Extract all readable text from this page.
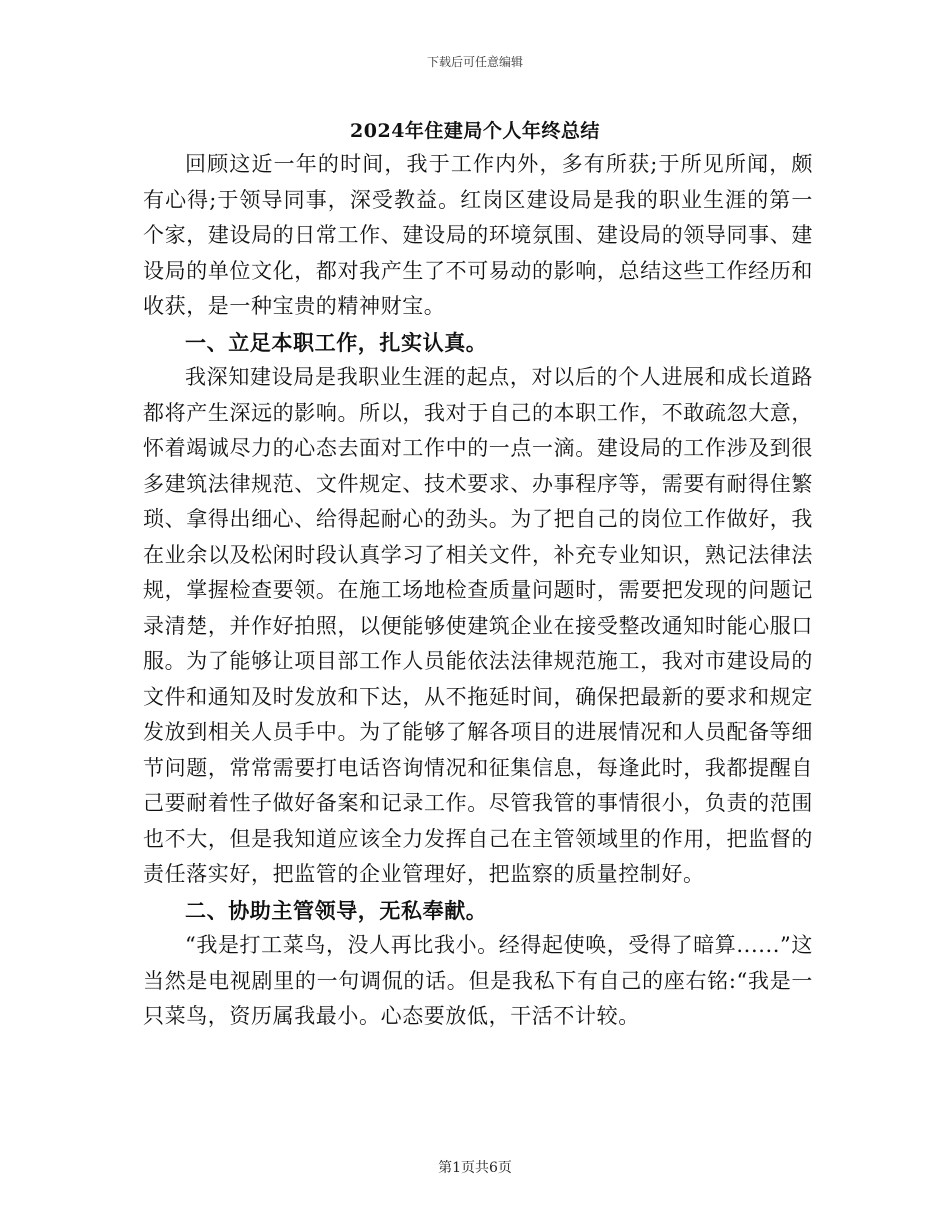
下载后可任意编辑
2024年住建局个人年终总结

回顾这近一年的时间，我于工作内外，多有所获;于所见所闻，颇有心得;于领导同事，深受教益。红岗区建设局是我的职业生涯的第一个家，建设局的日常工作、建设局的环境氛围、建设局的领导同事、建设局的单位文化，都对我产生了不可易动的影响，总结这些工作经历和收获，是一种宝贵的精神财宝。

一、立足本职工作，扎实认真。

我深知建设局是我职业生涯的起点，对以后的个人进展和成长道路都将产生深远的影响。所以，我对于自己的本职工作，不敢疏忽大意，怀着竭诚尽力的心态去面对工作中的一点一滴。建设局的工作涉及到很多建筑法律规范、文件规定、技术要求、办事程序等，需要有耐得住繁琐、拿得出细心、给得起耐心的劲头。为了把自己的岗位工作做好，我在业余以及松闲时段认真学习了相关文件，补充专业知识，熟记法律法规，掌握检查要领。在施工场地检查质量问题时，需要把发现的问题记录清楚，并作好拍照，以便能够使建筑企业在接受整改通知时能心服口服。为了能够让项目部工作人员能依法法律规范施工，我对市建设局的文件和通知及时发放和下达，从不拖延时间，确保把最新的要求和规定发放到相关人员手中。为了能够了解各项目的进展情况和人员配备等细节问题，常常需要打电话咨询情况和征集信息，每逢此时，我都提醒自己要耐着性子做好备案和记录工作。尽管我管的事情很小，负责的范围也不大，但是我知道应该全力发挥自己在主管领域里的作用，把监督的责任落实好，把监管的企业管理好，把监察的质量控制好。

二、协助主管领导，无私奉献。

“我是打工菜鸟，没人再比我小。经得起使唤，受得了暗算......”这当然是电视剧里的一句调侃的话。但是我私下有自己的座右铭:“我是一只菜鸟，资历属我最小。心态要放低，干活不计较。

第1页共6页
